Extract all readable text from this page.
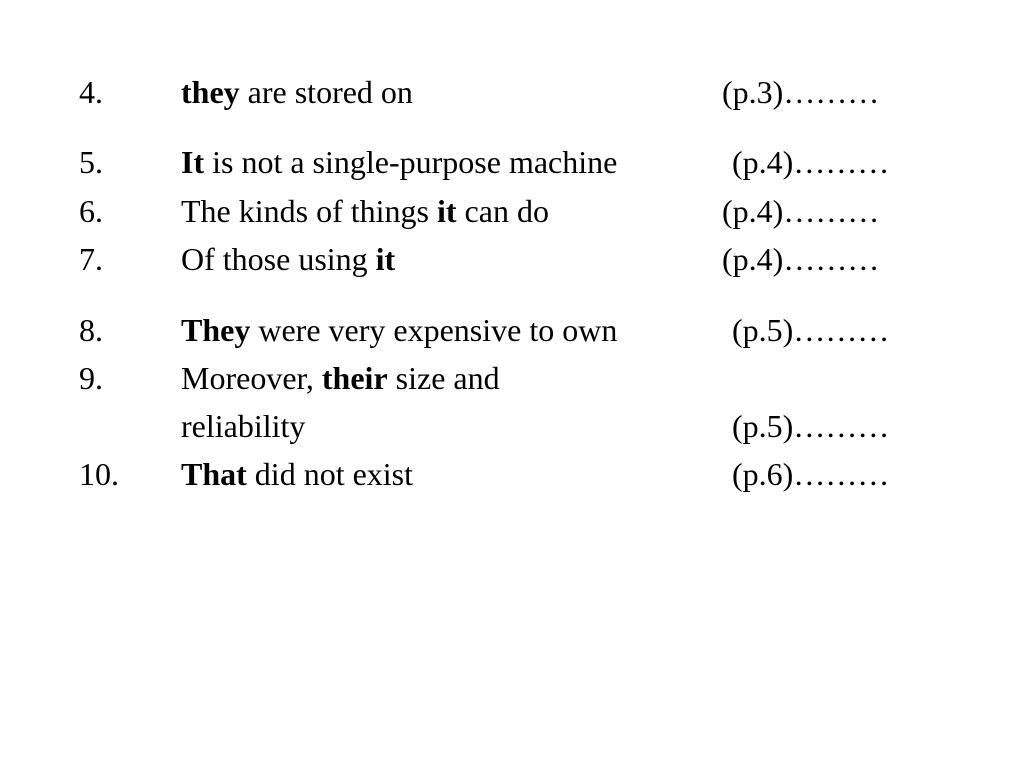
4. they are stored on	(p.3)………
5. It is not a single-purpose machine	(p.4)………
6. The kinds of things it can do	(p.4)………
7. Of those using it	(p.4)………
8. They were very expensive to own	(p.5)………
9. Moreover, their size and
reliability	(p.5)………
10. That did not exist	(p.6)………
